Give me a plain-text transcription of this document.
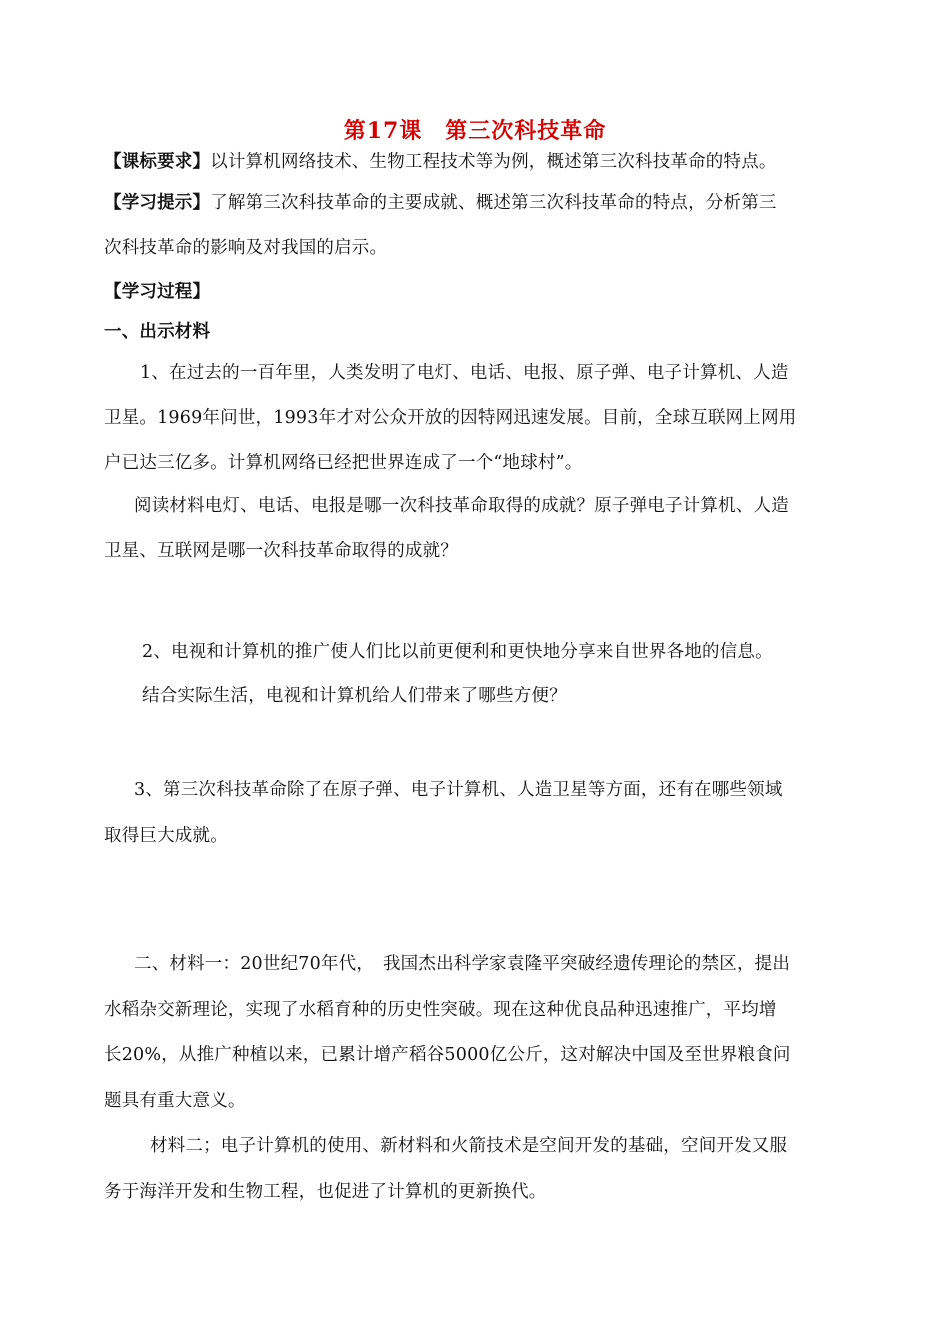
第17课　第三次科技革命
【课标要求】以计算机网络技术、生物工程技术等为例，概述第三次科技革命的特点。
【学习提示】了解第三次科技革命的主要成就、概述第三次科技革命的特点，分析第三
次科技革命的影响及对我国的启示。
【学习过程】
一、出示材料
1、在过去的一百年里，人类发明了电灯、电话、电报、原子弹、电子计算机、人造
卫星。1969年问世，1993年才对公众开放的因特网迅速发展。目前，全球互联网上网用
户已达三亿多。计算机网络已经把世界连成了一个“地球村”。
阅读材料电灯、电话、电报是哪一次科技革命取得的成就？原子弹电子计算机、人造
卫星、互联网是哪一次科技革命取得的成就？
2、电视和计算机的推广使人们比以前更便利和更快地分享来自世界各地的信息。
结合实际生活，电视和计算机给人们带来了哪些方便？
3、第三次科技革命除了在原子弹、电子计算机、人造卫星等方面，还有在哪些领域
取得巨大成就。
二、材料一：20世纪70年代，　我国杰出科学家袁隆平突破经遗传理论的禁区，提出
水稻杂交新理论，实现了水稻育种的历史性突破。现在这种优良品种迅速推广，平均增
长20%，从推广种植以来，已累计增产稻谷5000亿公斤，这对解决中国及至世界粮食问
题具有重大意义。
材料二；电子计算机的使用、新材料和火箭技术是空间开发的基础，空间开发又服
务于海洋开发和生物工程，也促进了计算机的更新换代。
